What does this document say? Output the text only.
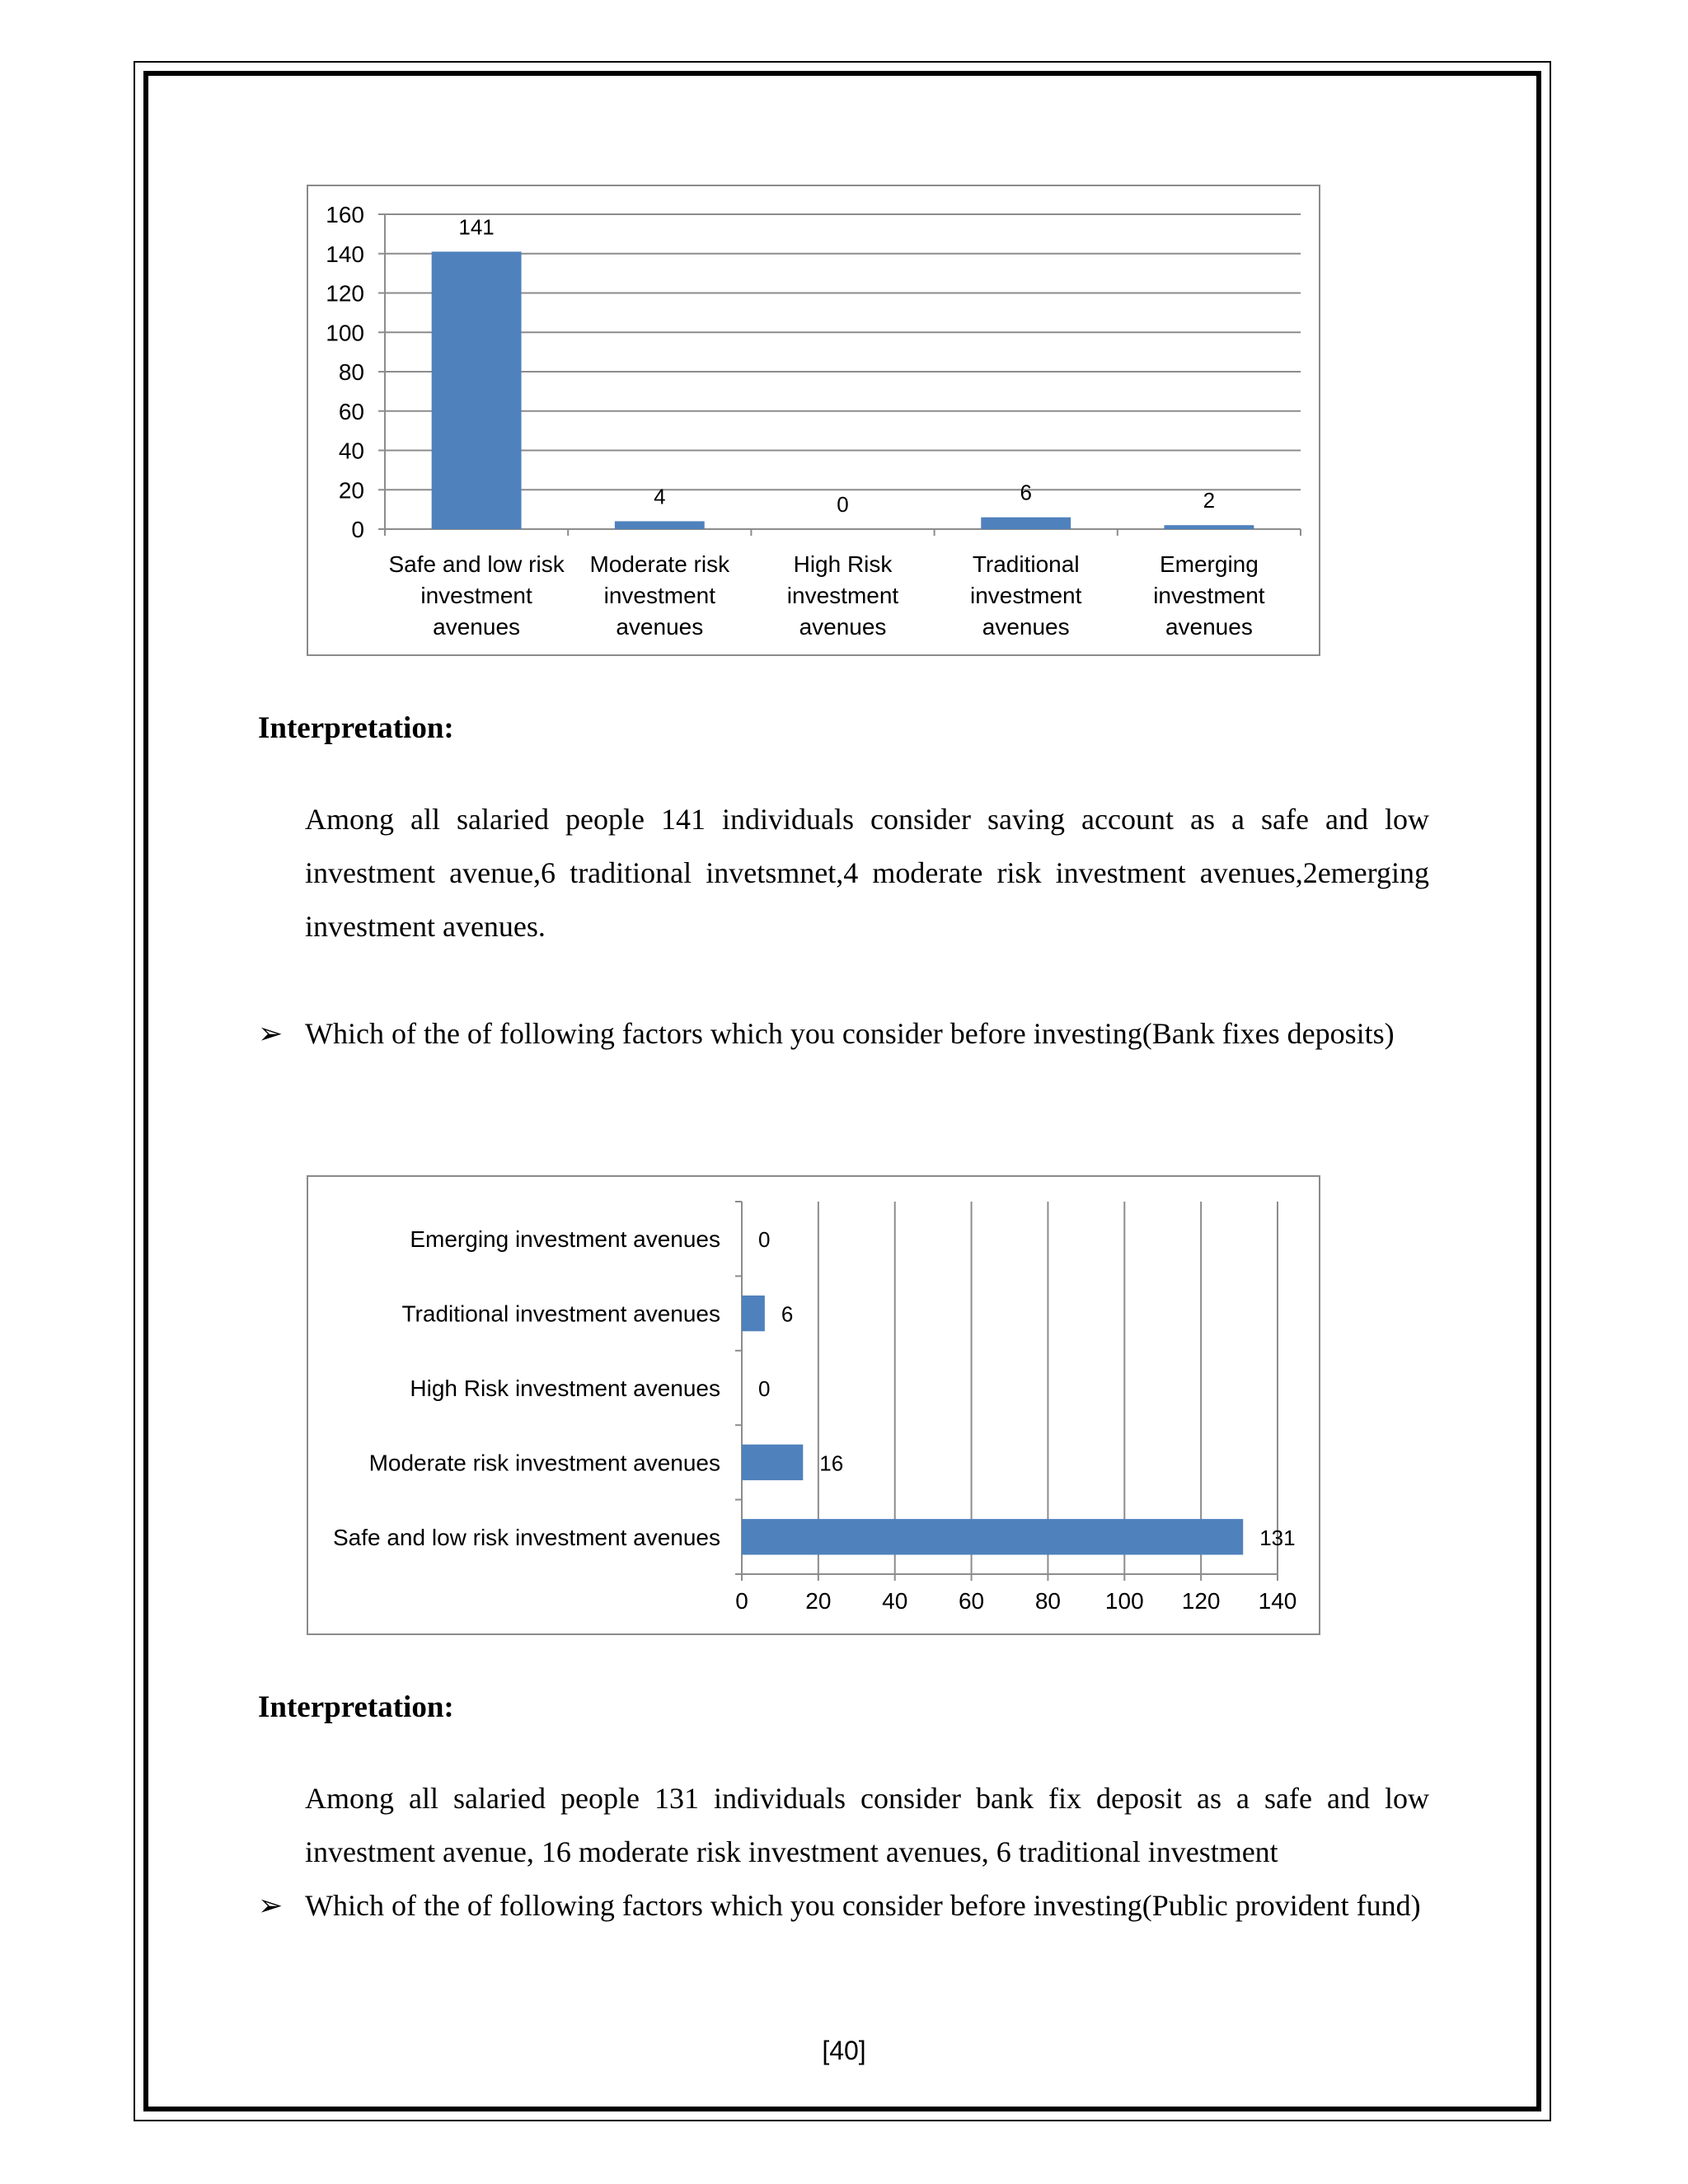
0
20
40
60
80
100
120
140
160	141
Safe and low risk
investment
avenues
4
Moderate risk
investment
avenues
0
High Risk
investment
avenues
6
Traditional
investment
avenues
2
Emerging
investment
avenues
Interpretation:
Among all salaried people 141 individuals consider saving account as a safe and low investment avenue,6 traditional invetsmnet,4 moderate risk investment avenues,2emerging investment avenues.
➢ Which of the of following factors which you consider before investing(Bank fixes deposits)
0 20 40 60 80 100 120 140
0
Emerging investment avenues
6
Traditional investment avenues
0
High Risk investment avenues
16
Moderate risk investment avenues
131
Safe and low risk investment avenues
Interpretation:
Among all salaried people 131 individuals consider bank fix deposit as a safe and low
investment avenue, 16 moderate risk investment avenues, 6 traditional investment
➢ Which of the of following factors which you consider before investing(Public provident fund)
[40]
